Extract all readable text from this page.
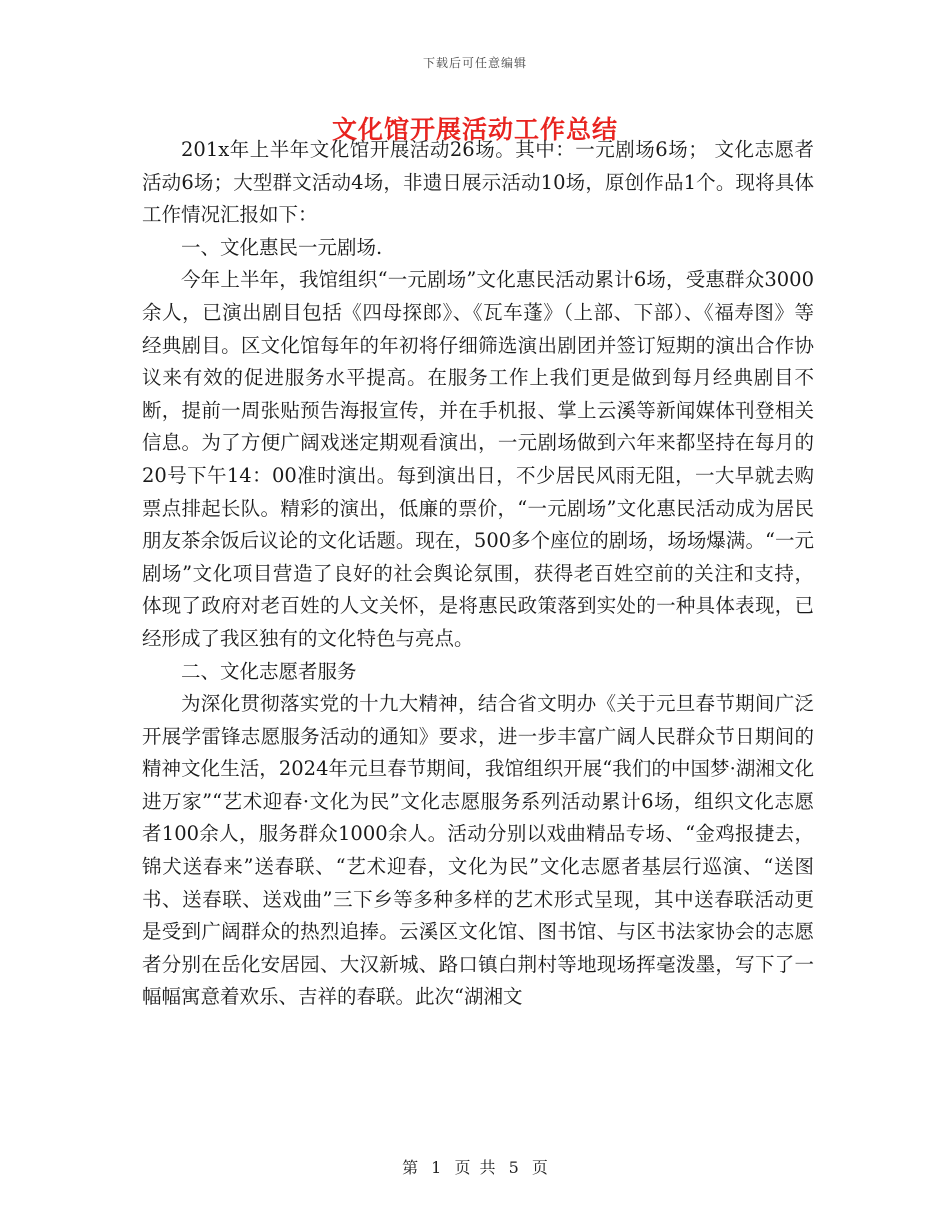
下载后可任意编辑
文化馆开展活动工作总结

201x年上半年文化馆开展活动26场。其中：一元剧场6场； 文化志愿者活动6场；大型群文活动4场，非遗日展示活动10场，原创作品1个。现将具体工作情况汇报如下：

一、文化惠民一元剧场.

今年上半年，我馆组织“一元剧场”文化惠民活动累计6场，受惠群众3000余人，已演出剧目包括《四母探郎》、《瓦车蓬》（上部、下部）、《福寿图》等经典剧目。区文化馆每年的年初将仔细筛选演出剧团并签订短期的演出合作协议来有效的促进服务水平提高。在服务工作上我们更是做到每月经典剧目不断，提前一周张贴预告海报宣传，并在手机报、掌上云溪等新闻媒体刊登相关信息。为了方便广阔戏迷定期观看演出，一元剧场做到六年来都坚持在每月的20号下午14：00准时演出。每到演出日，不少居民风雨无阻，一大早就去购票点排起长队。精彩的演出，低廉的票价，“一元剧场”文化惠民活动成为居民朋友茶余饭后议论的文化话题。现在，500多个座位的剧场，场场爆满。“一元剧场”文化项目营造了良好的社会舆论氛围，获得老百姓空前的关注和支持，体现了政府对老百姓的人文关怀，是将惠民政策落到实处的一种具体表现，已经形成了我区独有的文化特色与亮点。

二、文化志愿者服务

为深化贯彻落实党的十九大精神，结合省文明办《关于元旦春节期间广泛开展学雷锋志愿服务活动的通知》要求，进一步丰富广阔人民群众节日期间的精神文化生活，2024年元旦春节期间，我馆组织开展“我们的中国梦·湖湘文化进万家”“艺术迎春·文化为民”文化志愿服务系列活动累计6场，组织文化志愿者100余人，服务群众1000余人。活动分别以戏曲精品专场、“金鸡报捷去，锦犬送春来”送春联、“艺术迎春，文化为民”文化志愿者基层行巡演、“送图书、送春联、送戏曲”三下乡等多种多样的艺术形式呈现，其中送春联活动更是受到广阔群众的热烈追捧。云溪区文化馆、图书馆、与区书法家协会的志愿者分别在岳化安居园、大汉新城、路口镇白荆村等地现场挥毫泼墨，写下了一幅幅寓意着欢乐、吉祥的春联。此次“湖湘文

第 1 页 共 5 页
